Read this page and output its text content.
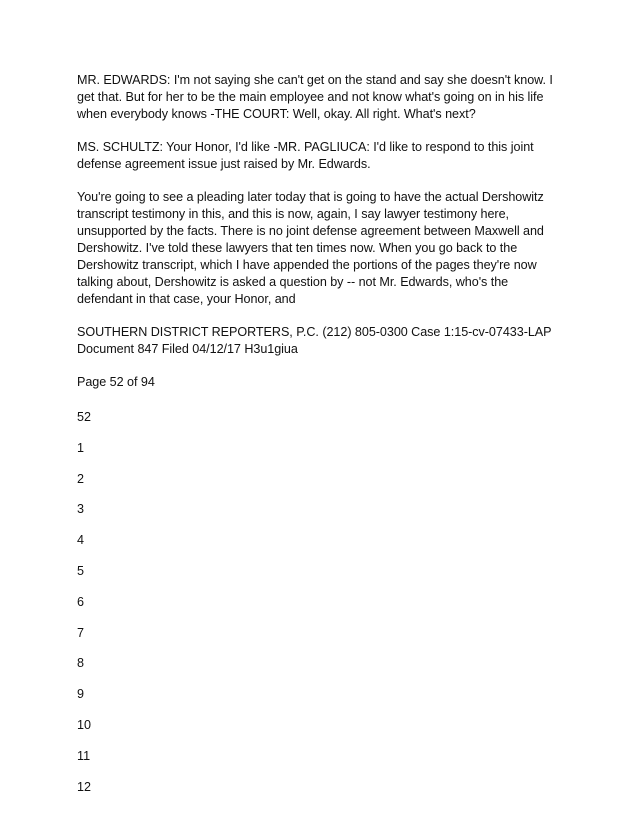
MR. EDWARDS: I'm not saying she can't get on the stand and say she doesn't know. I get that. But for her to be the main employee and not know what's going on in his life when everybody knows -THE COURT: Well, okay. All right. What's next?

MS. SCHULTZ: Your Honor, I'd like -MR. PAGLIUCA: I'd like to respond to this joint defense agreement issue just raised by Mr. Edwards.

You're going to see a pleading later today that is going to have the actual Dershowitz transcript testimony in this, and this is now, again, I say lawyer testimony here, unsupported by the facts. There is no joint defense agreement between Maxwell and Dershowitz. I've told these lawyers that ten times now. When you go back to the Dershowitz transcript, which I have appended the portions of the pages they're now talking about, Dershowitz is asked a question by -- not Mr. Edwards, who's the defendant in that case, your Honor, and

SOUTHERN DISTRICT REPORTERS, P.C. (212) 805-0300 Case 1:15-cv-07433-LAP Document 847 Filed 04/12/17 H3u1giua

Page 52 of 94

52
1
2
3
4
5
6
7
8
9
10
11
12
